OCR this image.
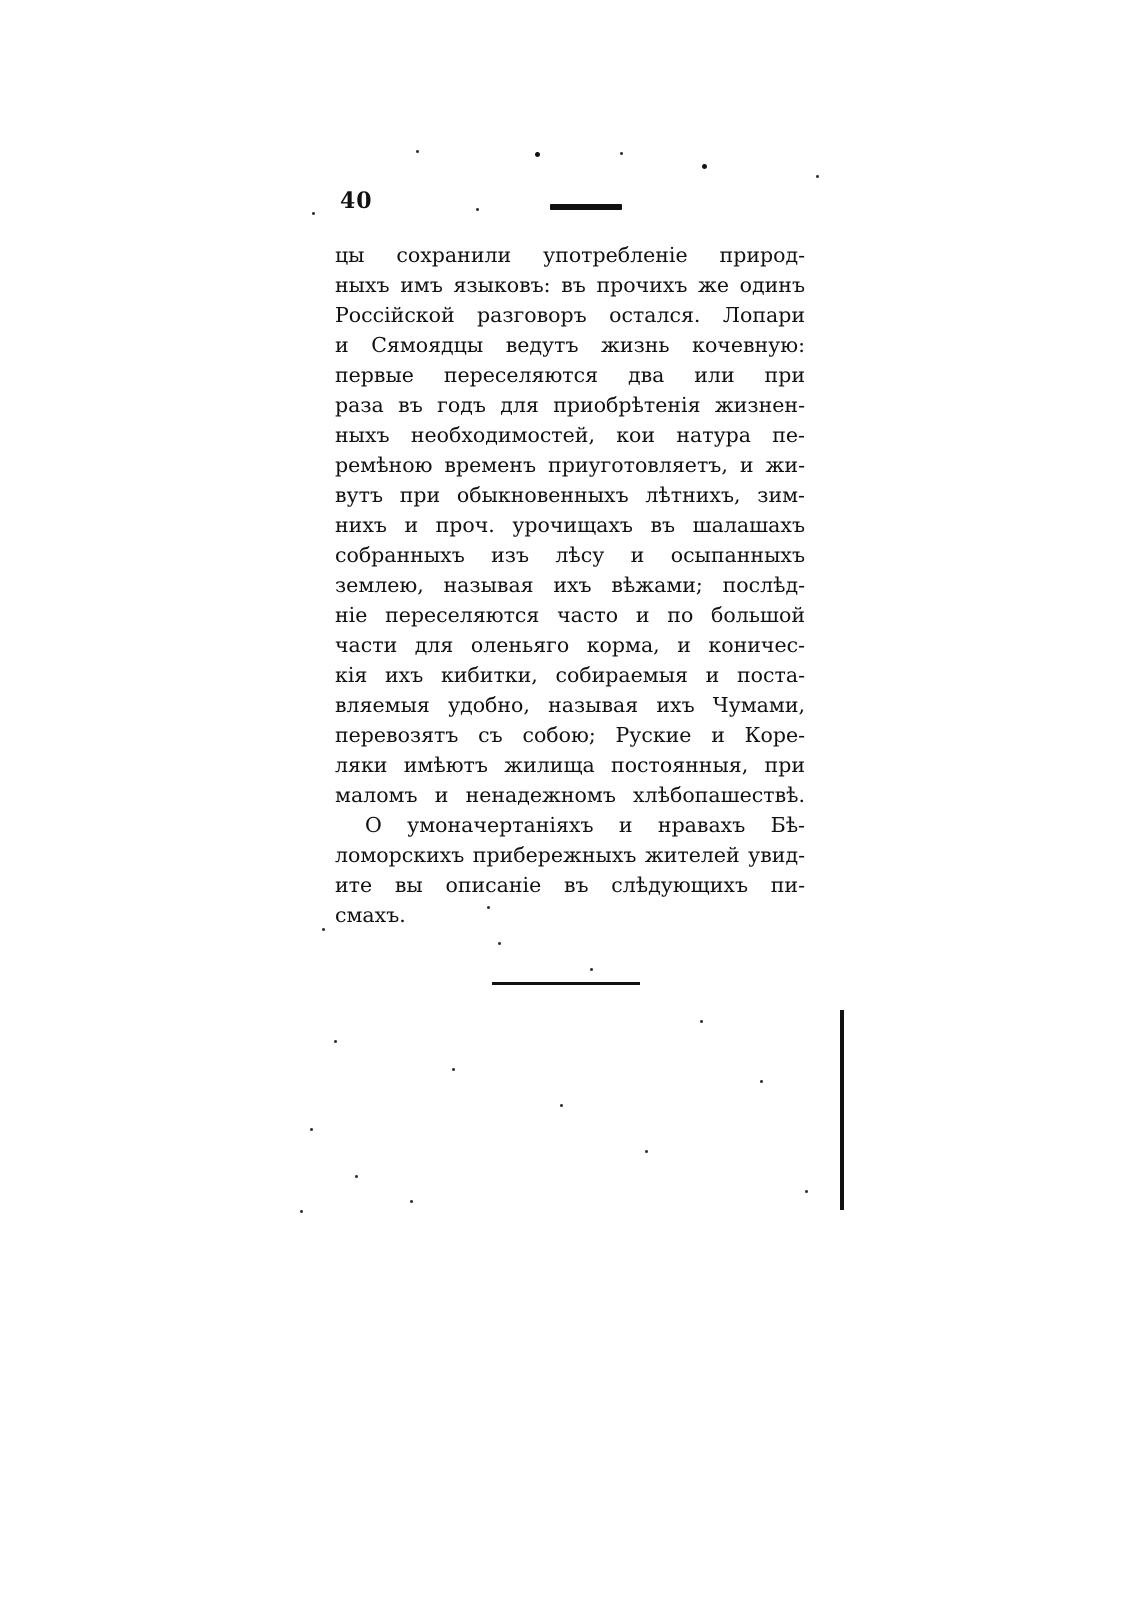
40
цы сохранили употребленіе природ-
ныхъ имъ языковъ: въ прочихъ же одинъ
Россійской разговоръ остался. Лопари
и Сямоядцы ведутъ жизнь кочевную:
первые переселяются два или при
раза въ годъ для приобрѣтенія жизнен-
ныхъ необходимостей, кои натура пе-
ремѣною временъ приуготовляетъ, и жи-
вутъ при обыкновенныхъ лѣтнихъ, зим-
нихъ и проч. урочищахъ въ шалашахъ
собранныхъ изъ лѣсу и осыпанныхъ
землею, называя ихъ вѣжами; послѣд-
ніе переселяются часто и по большой
части для оленьяго корма, и коничес-
кія ихъ кибитки, собираемыя и поста-
вляемыя удобно, называя ихъ Чумами,
перевозятъ съ собою; Руские и Коре-
ляки имѣютъ жилища постоянныя, при
маломъ и ненадежномъ хлѣбопашествѣ.
О умоначертаніяхъ и нравахъ Бѣ-
ломорскихъ прибережныхъ жителей увид-
ите вы описаніе въ слѣдующихъ пи-
смахъ.
